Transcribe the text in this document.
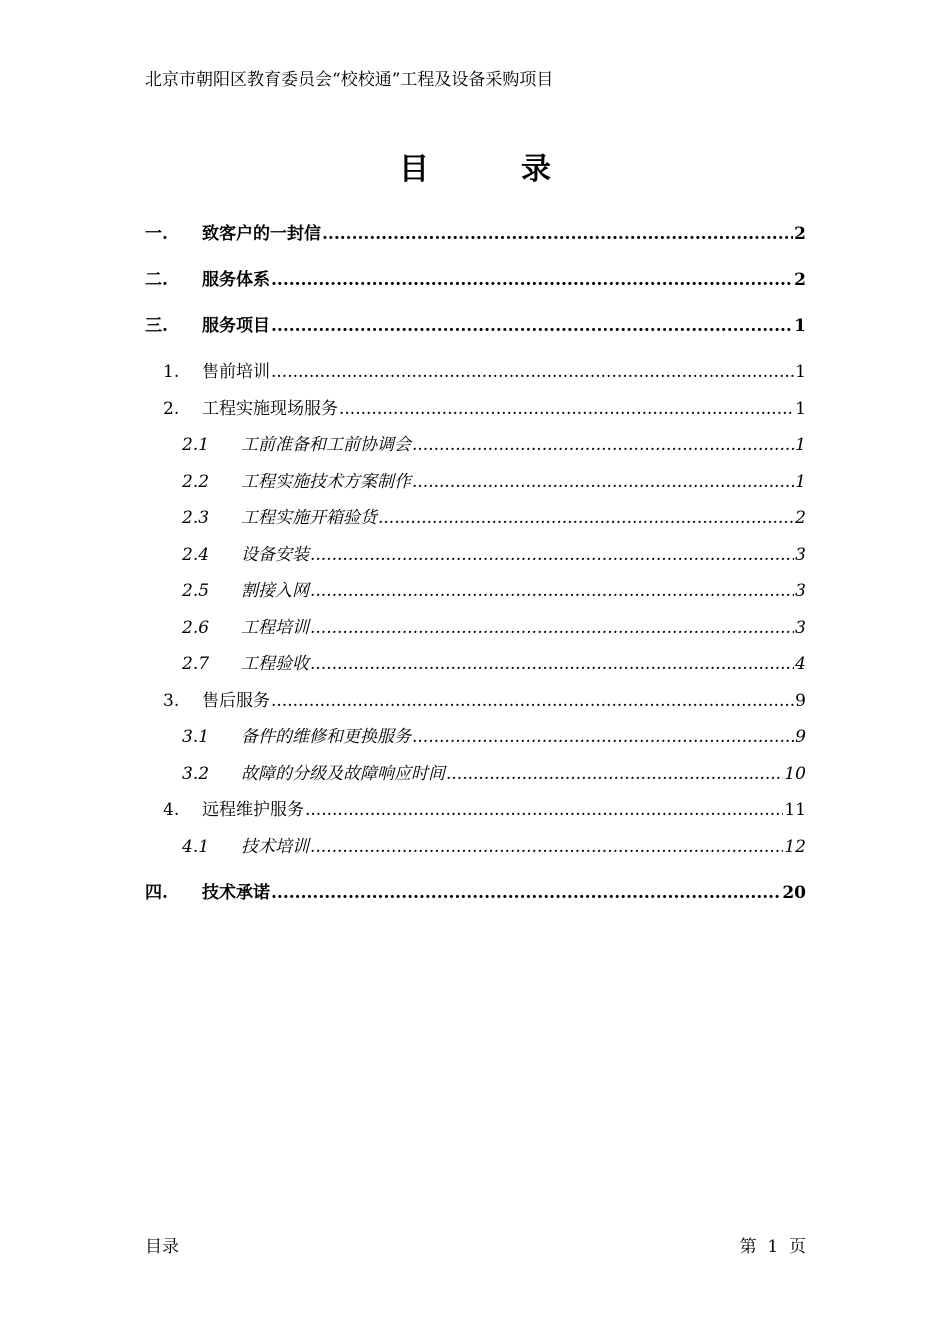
北京市朝阳区教育委员会“校校通”工程及设备采购项目
目	录
一.	致客户的一封信 .....	2
二.	服务体系 .....	2
三.	服务项目 .....	1
1.	售前培训 .....	1
2.	工程实施现场服务 .....	1
2.1	工前准备和工前协调会 .....	1
2.2	工程实施技术方案制作 .....	1
2.3	工程实施开箱验货 .....	2
2.4	设备安装 .....	3
2.5	割接入网 .....	3
2.6	工程培训 .....	3
2.7	工程验收 .....	4
3.	售后服务 .....	9
3.1	备件的维修和更换服务 .....	9
3.2	故障的分级及故障响应时间 .....	10
4.	远程维护服务 .....	11
4.1	技术培训 .....	12
四.	技术承诺 .....	20
目录	第  1  页
